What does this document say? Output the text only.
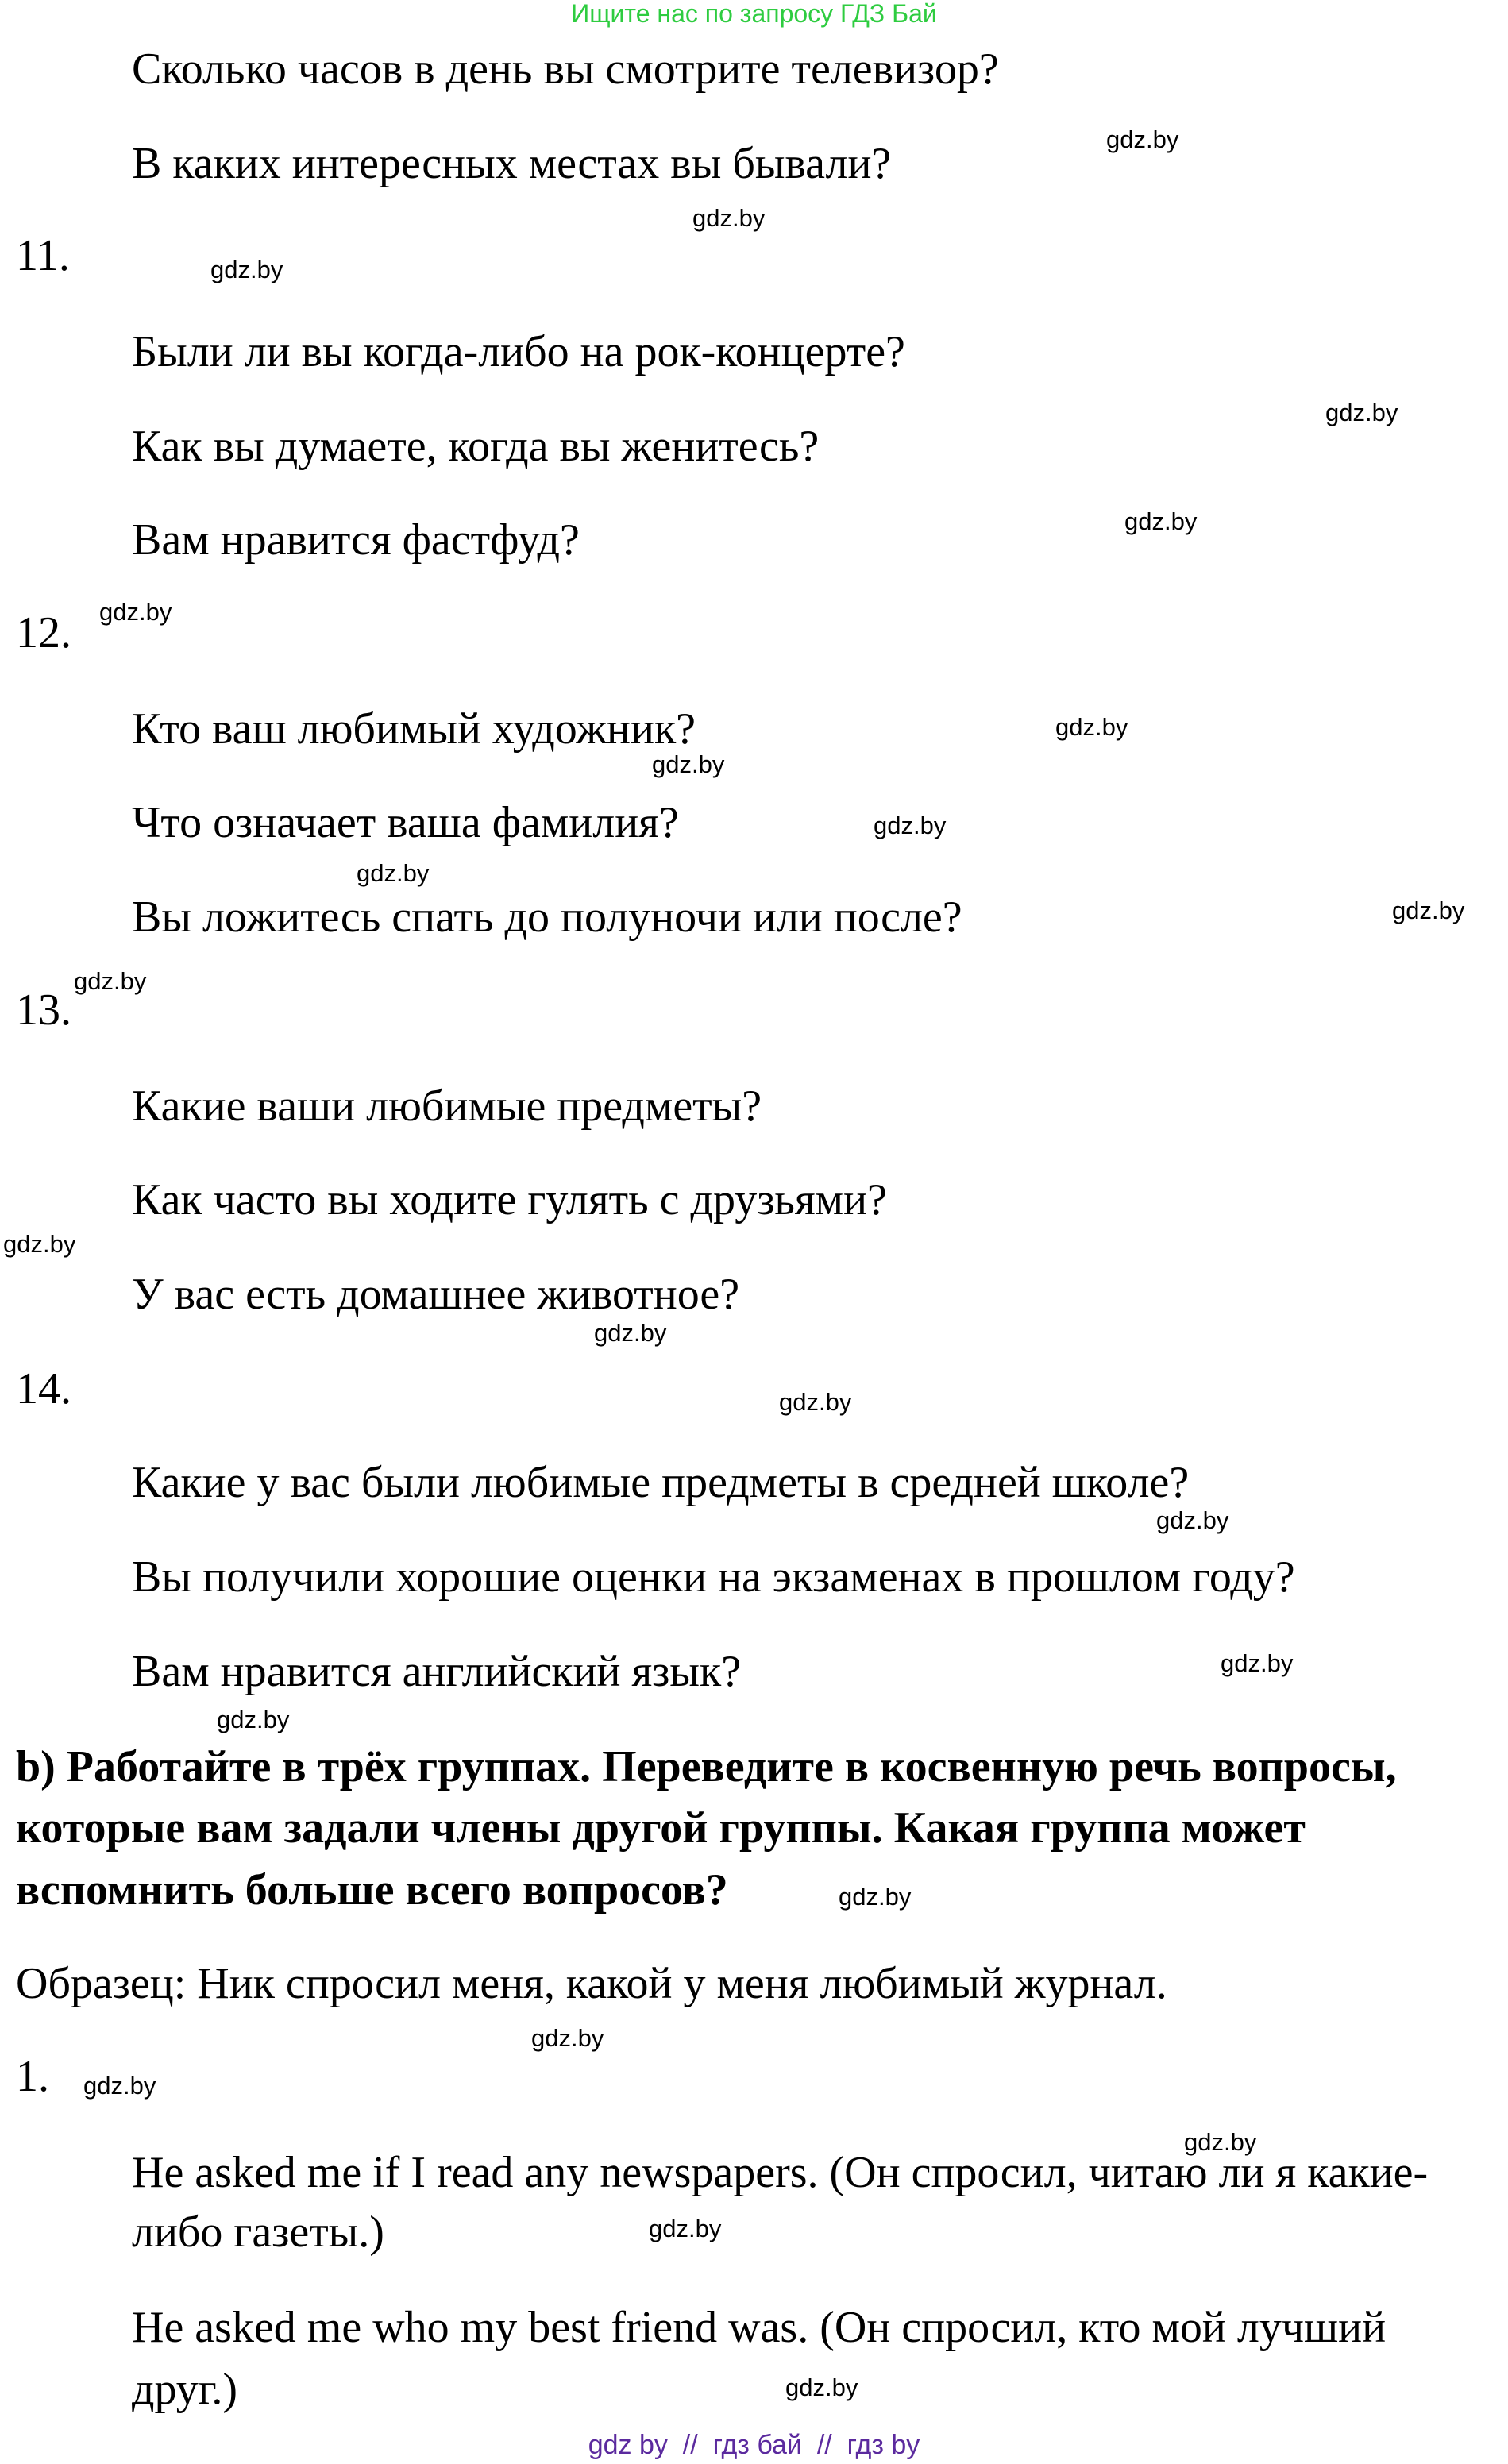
Ищите нас по запросу ГДЗ Бай
Сколько часов в день вы смотрите телевизор?
В каких интересных местах вы бывали?
11.
Были ли вы когда-либо на рок-концерте?
Как вы думаете, когда вы женитесь?
Вам нравится фастфуд?
12.
Кто ваш любимый художник?
Что означает ваша фамилия?
Вы ложитесь спать до полуночи или после?
13.
Какие ваши любимые предметы?
Как часто вы ходите гулять с друзьями?
У вас есть домашнее животное?
14.
Какие у вас были любимые предметы в средней школе?
Вы получили хорошие оценки на экзаменах в прошлом году?
Вам нравится английский язык?
b) Работайте в трёх группах. Переведите в косвенную речь вопросы,
которые вам задали члены другой группы. Какая группа может
вспомнить больше всего вопросов?
Образец: Ник спросил меня, какой у меня любимый журнал.
1.
He asked me if I read any newspapers. (Он спросил, читаю ли я какие-
либо газеты.)
He asked me who my best friend was. (Он спросил, кто мой лучший
друг.)
gdz.by
gdz.by
gdz.by
gdz.by
gdz.by
gdz.by
gdz.by
gdz.by
gdz.by
gdz.by
gdz.by
gdz.by
gdz.by
gdz.by
gdz.by
gdz.by
gdz.by
gdz.by
gdz.by
gdz.by
gdz.by
gdz.by
gdz.by
gdz.by
gdz by  //  гдз бай  //  гдз by
